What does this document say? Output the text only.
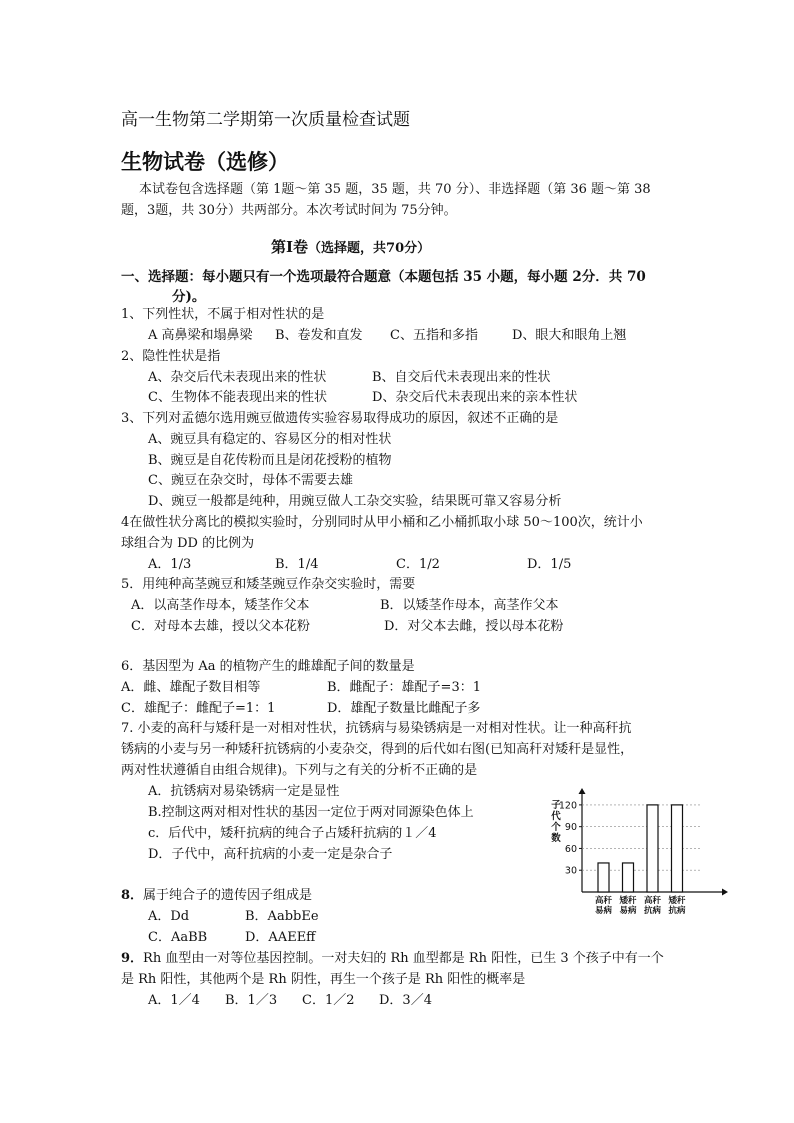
高一生物第二学期第一次质量检查试题
生物试卷（选修）
本试卷包含选择题（第 1题～第 35 题，35 题，共 70 分）、非选择题（第 36 题～第 38
题，3题，共 30分）共两部分。本次考试时间为 75分钟。
第Ⅰ卷（选择题，共70分）
一、选择题：每小题只有一个选项最符合题意（本题包括 35 小题，每小题 2分．共 70
分)。
1、下列性状，不属于相对性状的是
A 高鼻梁和塌鼻梁 B、卷发和直发 C、五指和多指	D、眼大和眼角上翘
2、隐性性状是指
A、杂交后代未表现出来的性状	B、自交后代未表现出来的性状
C、生物体不能表现出来的性状	D、杂交后代未表现出来的亲本性状
3、下列对孟德尔选用豌豆做遗传实验容易取得成功的原因，叙述不正确的是
A、豌豆具有稳定的、容易区分的相对性状
B、豌豆是自花传粉而且是闭花授粉的植物
C、豌豆在杂交时，母体不需要去雄
D、豌豆一般都是纯种，用豌豆做人工杂交实验，结果既可靠又容易分析
4在做性状分离比的模拟实验时，分别同时从甲小桶和乙小桶抓取小球 50～100次，统计小
球组合为 DD 的比例为
A．1/3	B．1/4	C．1/2	D．1/5
5．用纯种高茎豌豆和矮茎豌豆作杂交实验时，需要
A．以高茎作母本，矮茎作父本	B．以矮茎作母本，高茎作父本
C．对母本去雄，授以父本花粉	D．对父本去雌，授以母本花粉
6．基因型为 Aa 的植物产生的雌雄配子间的数量是
A．雌、雄配子数目相等	B．雌配子：雄配子=3：1
C．雄配子：雌配子=1：1	D．雄配子数量比雌配子多
7. 小麦的高秆与矮秆是一对相对性状，抗锈病与易染锈病是一对相对性状。让一种高秆抗
锈病的小麦与另一种矮秆抗锈病的小麦杂交，得到的后代如右图(已知高秆对矮秆是显性，
两对性状遵循自由组合规律)。下列与之有关的分析不正确的是
A．抗锈病对易染锈病一定是显性
B.控制这两对相对性状的基因一定位于两对同源染色体上
c．后代中，矮秆抗病的纯合子占矮秆抗病的１／4
D．子代中，高秆抗病的小麦一定是杂合子
子
代
个
数
30
60
90
120
高秆
易病
矮秆
易病
高秆
抗病
矮秆
抗病
8．属于纯合子的遗传因子组成是
A．Dd	B．AabbEe
C．AaBB	D．AAEEff
9．Rh 血型由一对等位基因控制。一对夫妇的 Rh 血型都是 Rh 阳性，已生 3 个孩子中有一个
是 Rh 阳性，其他两个是 Rh 阴性，再生一个孩子是 Rh 阳性的概率是
A．1／4 B．1／3 C．1／2 D．3／4
